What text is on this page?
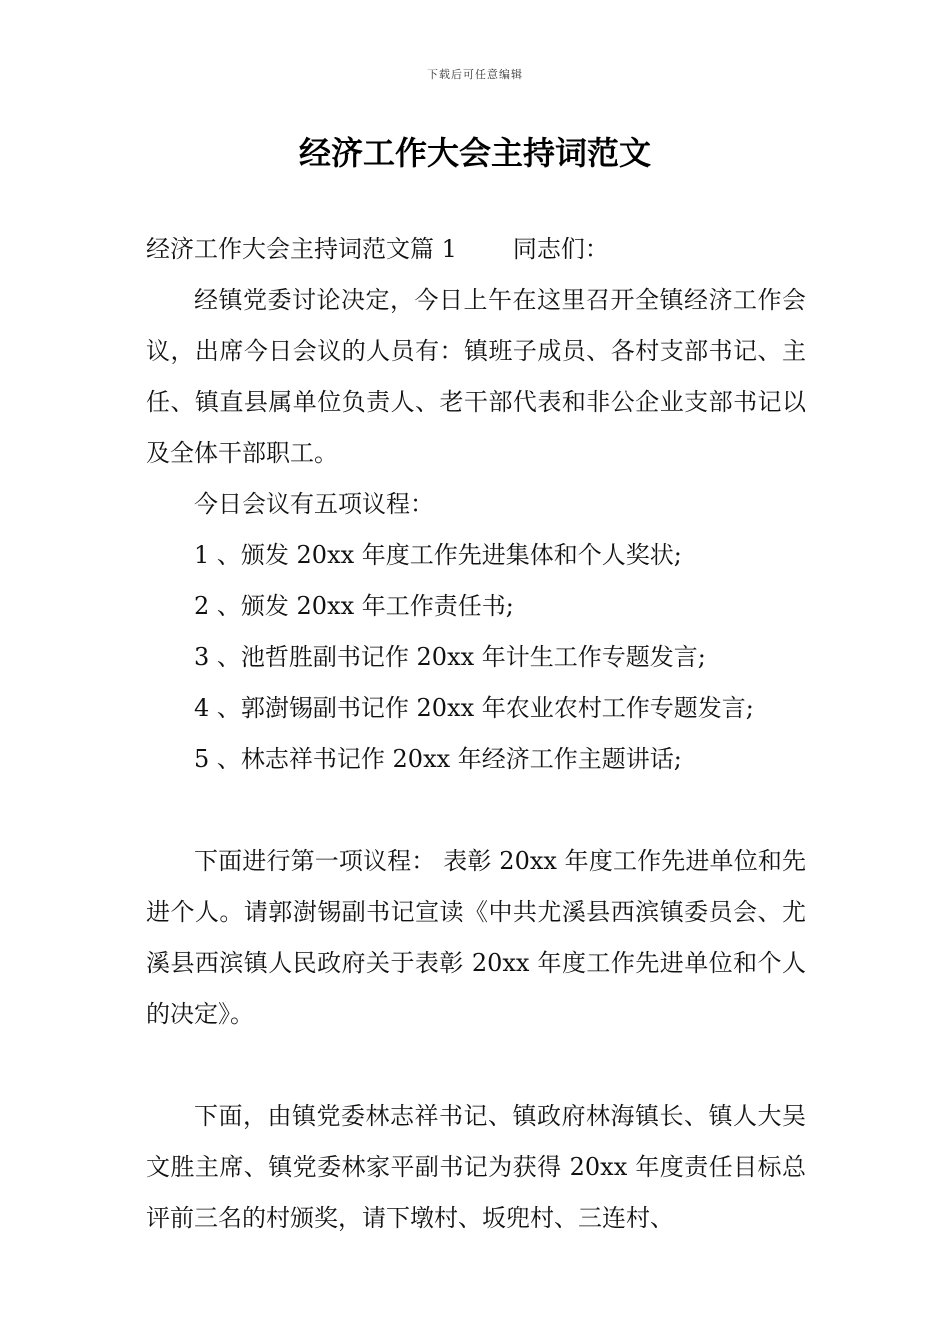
下载后可任意编辑
经济工作大会主持词范文

经济工作大会主持词范文篇 1 同志们：

经镇党委讨论决定，今日上午在这里召开全镇经济工作会议，出席今日会议的人员有：镇班子成员、各村支部书记、主任、镇直县属单位负责人、老干部代表和非公企业支部书记以及全体干部职工。

今日会议有五项议程：

1 、颁发 20xx 年度工作先进集体和个人奖状;

2 、颁发 20xx 年工作责任书;

3 、池哲胜副书记作 20xx 年计生工作专题发言;

4 、郭澍锡副书记作 20xx 年农业农村工作专题发言;

5 、林志祥书记作 20xx 年经济工作主题讲话;

下面进行第一项议程： 表彰 20xx 年度工作先进单位和先进个人。请郭澍锡副书记宣读《中共尤溪县西滨镇委员会、尤溪县西滨镇人民政府关于表彰 20xx 年度工作先进单位和个人的决定》。

下面，由镇党委林志祥书记、镇政府林海镇长、镇人大吴文胜主席、镇党委林家平副书记为获得 20xx 年度责任目标总评前三名的村颁奖，请下墩村、坂兜村、三连村、
